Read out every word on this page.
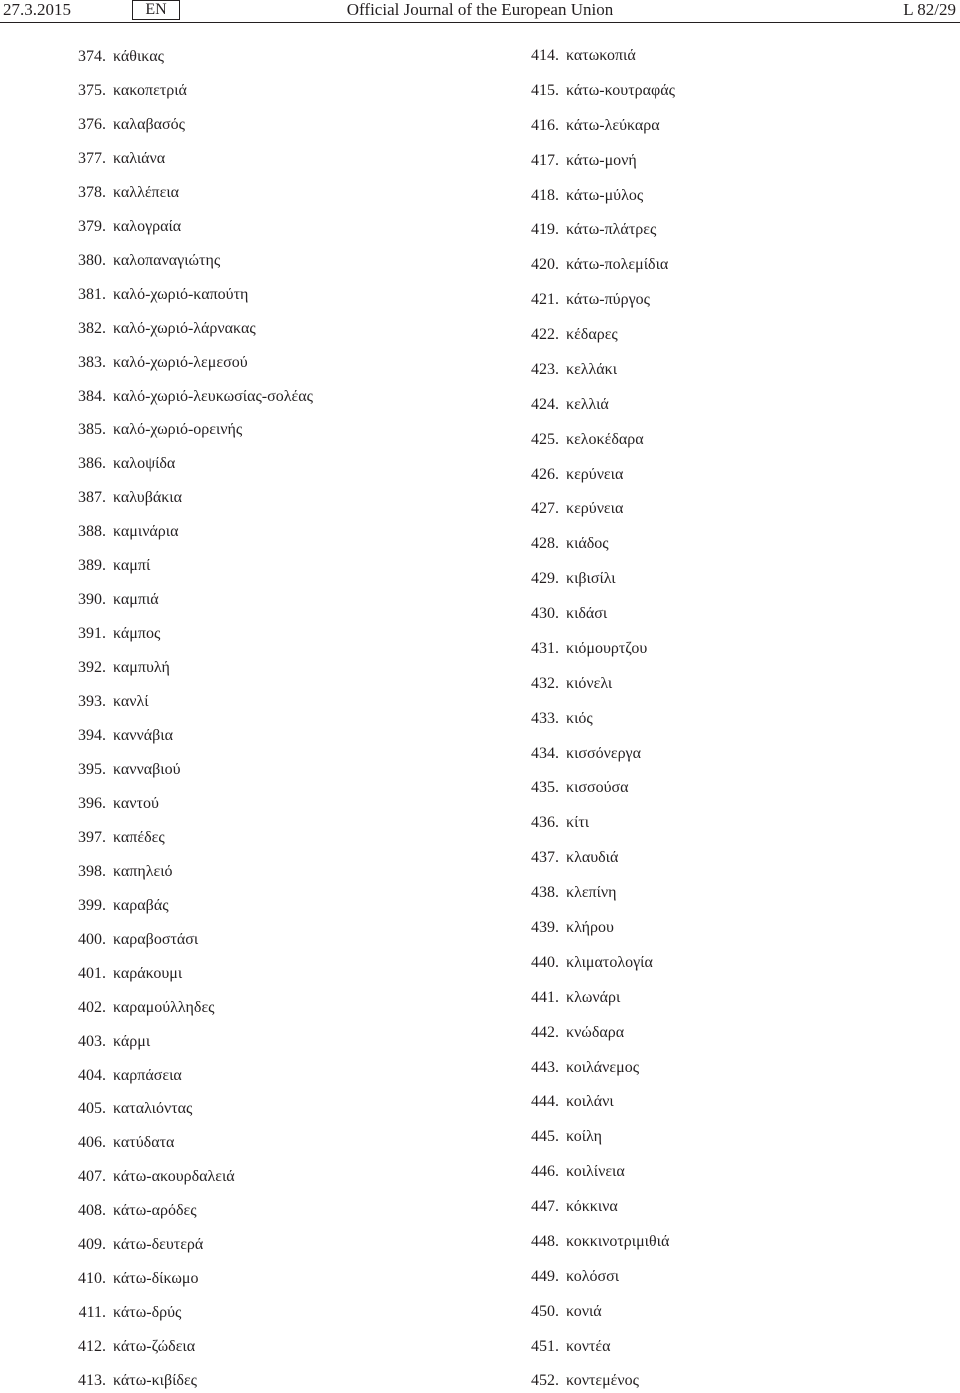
27.3.2015	EN	Official Journal of the European Union	L 82/29
374. κάθικας
375. κακοπετριά
376. καλαβασός
377. καλιάνα
378. καλλέπεια
379. καλογραία
380. καλοπαναγιώτης
381. καλό-χωριό-καπούτη
382. καλό-χωριό-λάρνακας
383. καλό-χωριό-λεμεσού
384. καλό-χωριό-λευκωσίας-σολέας
385. καλό-χωριό-ορεινής
386. καλοψίδα
387. καλυβάκια
388. καμινάρια
389. καμπί
390. καμπιά
391. κάμπος
392. καμπυλή
393. κανλί
394. καννάβια
395. κανναβιού
396. καντού
397. καπέδες
398. καπηλειό
399. καραβάς
400. καραβοστάσι
401. καράκουμι
402. καραμούλληδες
403. κάρμι
404. καρπάσεια
405. καταλιόντας
406. κατύδατα
407. κάτω-ακουρδαλειά
408. κάτω-αρόδες
409. κάτω-δευτερά
410. κάτω-δίκωμο
411. κάτω-δρύς
412. κάτω-ζώδεια
413. κάτω-κιβίδες
414. κατωκοπιά
415. κάτω-κουτραφάς
416. κάτω-λεύκαρα
417. κάτω-μονή
418. κάτω-μύλος
419. κάτω-πλάτρες
420. κάτω-πολεμίδια
421. κάτω-πύργος
422. κέδαρες
423. κελλάκι
424. κελλιά
425. κελοκέδαρα
426. κερύνεια
427. κερύνεια
428. κιάδος
429. κιβισίλι
430. κιδάσι
431. κιόμουρτζου
432. κιόνελι
433. κιός
434. κισσόνεργα
435. κισσούσα
436. κίτι
437. κλαυδιά
438. κλεπίνη
439. κλήρου
440. κλιματολογία
441. κλωνάρι
442. κνώδαρα
443. κοιλάνεμος
444. κοιλάνι
445. κοίλη
446. κοιλίνεια
447. κόκκινα
448. κοκκινοτριμιθιά
449. κολόσσι
450. κονιά
451. κοντέα
452. κοντεμένος
